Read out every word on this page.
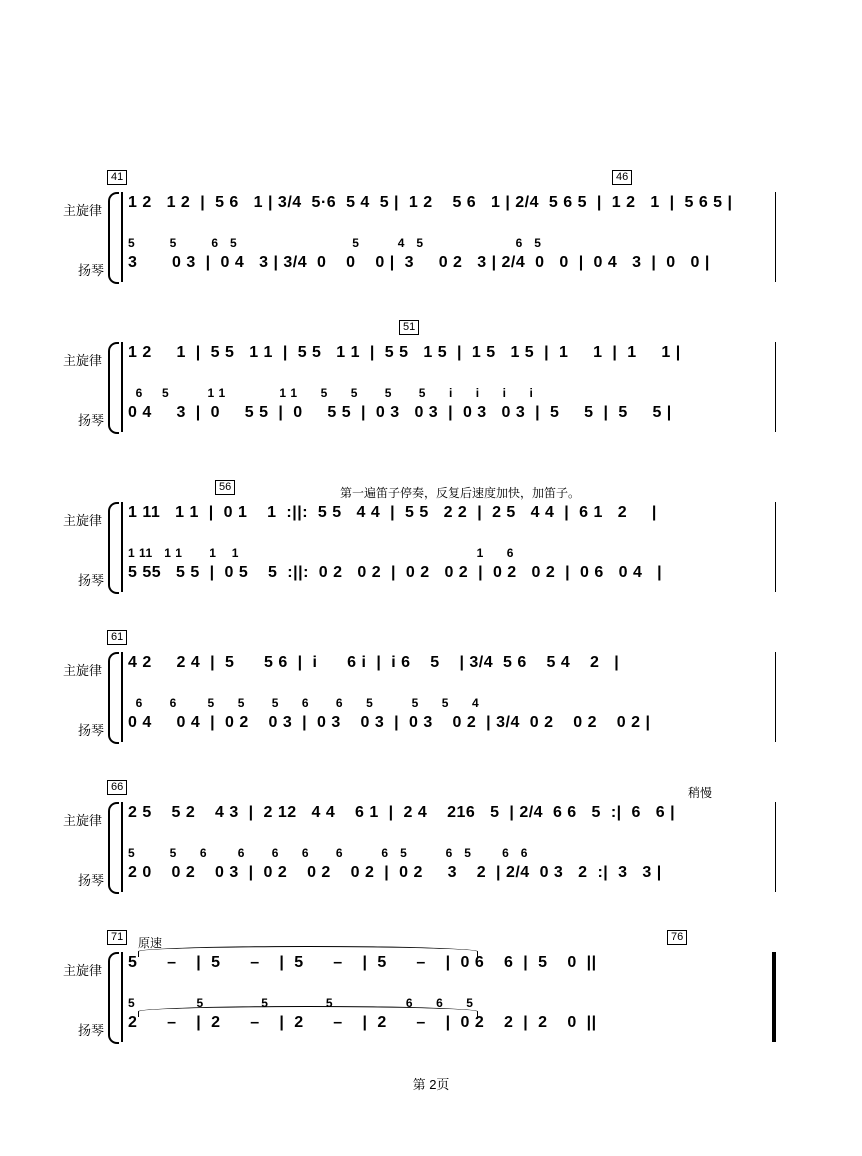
41	46
主旋律
扬琴
1 2   1 2  |  5 6   1 | 3/4  5·6  5 4  5 |  1 2    5 6   1 | 2/4  5 6 5  |  1 2   1  |  5 6 5 |
5         5         6   5                              5          4   5                        6   5
3       0 3  |  0 4   3 | 3/4  0    0    0 |  3     0 2   3 | 2/4  0   0  |  0 4   3  |  0   0 |
51
主旋律
扬琴
1 2     1  |  5 5   1 1  |  5 5   1 1  |  5 5   1 5  |  1 5   1 5  |  1     1  |  1     1 |
6     5          1 1              1 1      5      5       5       5      i      i      i      i
0 4     3  |  0     5 5  |  0     5 5  |  0 3   0 3  |  0 3   0 3  |  5     5  |  5     5 |
56	第一遍笛子停奏，反复后速度加快，加笛子。
主旋律
扬琴
1 11   1 1  |  0 1    1  :||:  5 5   4 4  |  5 5   2 2  |  2 5   4 4  |  6 1   2     |
1 11   1 1       1    1                                                              1      6
5 55   5 5  |  0 5    5  :||:  0 2   0 2  |  0 2   0 2  |  0 2   0 2  |  0 6   0 4   |
61
主旋律
扬琴
4 2     2 4  |  5      5 6  |  i      6 i  |  i 6    5    | 3/4  5 6    5 4    2   |
6       6        5      5       5      6       6      5          5      5      4
0 4     0 4  |  0 2    0 3  |  0 3    0 3  |  0 3    0 2  | 3/4  0 2    0 2    0 2 |
66	稍慢
主旋律
扬琴
2 5    5 2    4 3  |  2 12   4 4    6 1  |  2 4    216   5  | 2/4  6 6   5  :|  6   6 |
5         5      6        6       6      6       6          6   5          6   5        6   6
2 0    0 2    0 3  |  0 2    0 2    0 2  |  0 2     3    2  | 2/4  0 3   2  :|  3   3 |
71	76
原速
主旋律
扬琴
5      –    |  5      –    |  5      –    |  5      –    |  0 6    6  |  5    0  ||
5                5               5               5                   6      6      5
2      –    |  2      –    |  2      –    |  2      –    |  0 2    2  |  2    0  ||
第 2页
